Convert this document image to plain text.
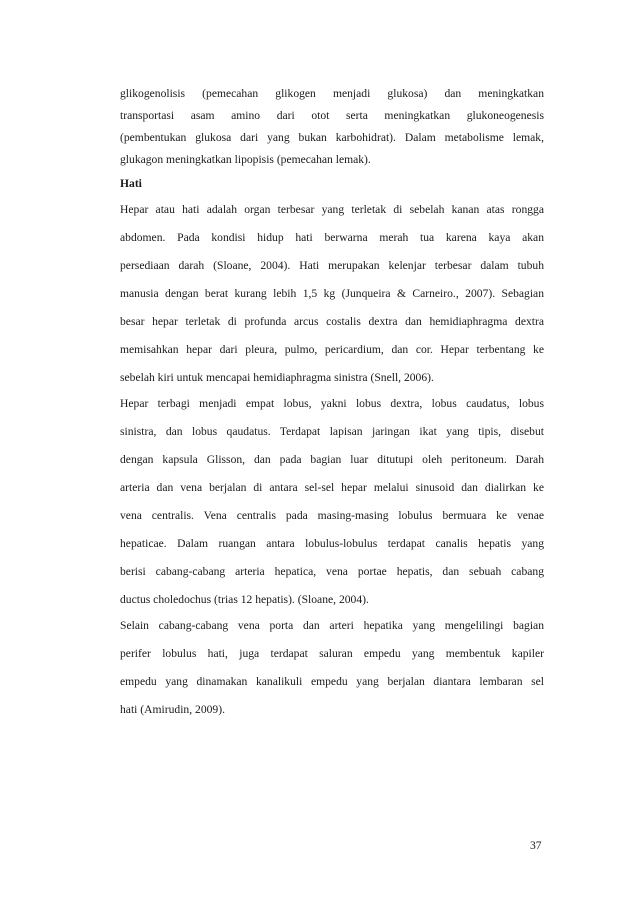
glikogenolisis (pemecahan glikogen menjadi glukosa) dan meningkatkan
transportasi asam amino dari otot serta meningkatkan glukoneogenesis
(pembentukan glukosa dari yang bukan karbohidrat). Dalam metabolisme lemak,
glukagon meningkatkan lipopisis (pemecahan lemak).
Hati
Hepar atau hati adalah organ terbesar yang terletak di sebelah kanan atas rongga
abdomen. Pada kondisi hidup hati berwarna merah tua karena kaya akan
persediaan darah (Sloane, 2004). Hati merupakan kelenjar terbesar dalam tubuh
manusia dengan berat kurang lebih 1,5 kg (Junqueira & Carneiro., 2007). Sebagian
besar hepar terletak di profunda arcus costalis dextra dan hemidiaphragma dextra
memisahkan hepar dari pleura, pulmo, pericardium, dan cor. Hepar terbentang ke
sebelah kiri untuk mencapai hemidiaphragma sinistra (Snell, 2006).
Hepar terbagi menjadi empat lobus, yakni lobus dextra, lobus caudatus, lobus
sinistra, dan lobus qaudatus. Terdapat lapisan jaringan ikat yang tipis, disebut
dengan kapsula Glisson, dan pada bagian luar ditutupi oleh peritoneum. Darah
arteria dan vena berjalan di antara sel-sel hepar melalui sinusoid dan dialirkan ke
vena centralis. Vena centralis pada masing-masing lobulus bermuara ke venae
hepaticae. Dalam ruangan antara lobulus-lobulus terdapat canalis hepatis yang
berisi cabang-cabang arteria hepatica, vena portae hepatis, dan sebuah cabang
ductus choledochus (trias 12 hepatis). (Sloane, 2004).
Selain cabang-cabang vena porta dan arteri hepatika yang mengelilingi bagian
perifer lobulus hati, juga terdapat saluran empedu yang membentuk kapiler
empedu yang dinamakan kanalikuli empedu yang berjalan diantara lembaran sel
hati (Amirudin, 2009).
37
